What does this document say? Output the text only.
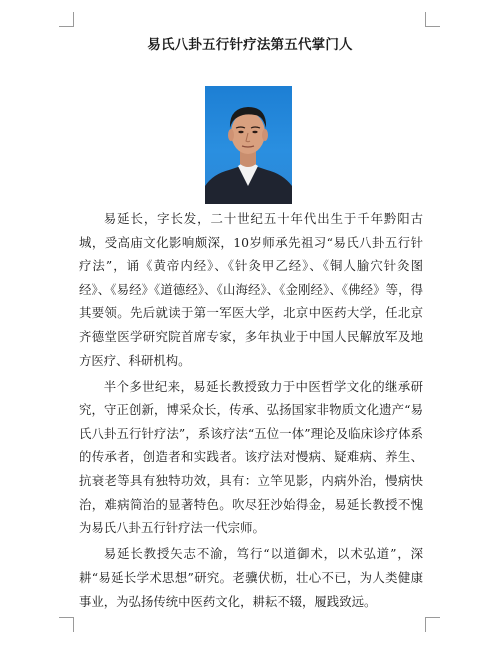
易氏八卦五行针疗法第五代掌门人

易延长，字长发，二十世纪五十年代出生于千年黔阳古城，受高庙文化影响颇深，10岁师承先祖习“易氏八卦五行针疗法”，诵《黄帝内经》、《针灸甲乙经》、《铜人腧穴针灸图经》、《易经》《道德经》、《山海经》、《金刚经》、《佛经》等，得其要领。先后就读于第一军医大学，北京中医药大学，任北京齐德堂医学研究院首席专家，多年执业于中国人民解放军及地方医疗、科研机构。

半个多世纪来，易延长教授致力于中医哲学文化的继承研究，守正创新，博采众长，传承、弘扬国家非物质文化遗产“易氏八卦五行针疗法”，系该疗法“五位一体”理论及临床诊疗体系的传承者，创造者和实践者。该疗法对慢病、疑难病、养生、抗衰老等具有独特功效，具有：立竿见影，内病外治，慢病快治，难病简治的显著特色。吹尽狂沙始得金，易延长教授不愧为易氏八卦五行针疗法一代宗师。

易延长教授矢志不渝，笃行“以道御术，以术弘道”，深耕“易延长学术思想”研究。老骥伏枥，壮心不已，为人类健康事业，为弘扬传统中医药文化，耕耘不辍，履践致远。
